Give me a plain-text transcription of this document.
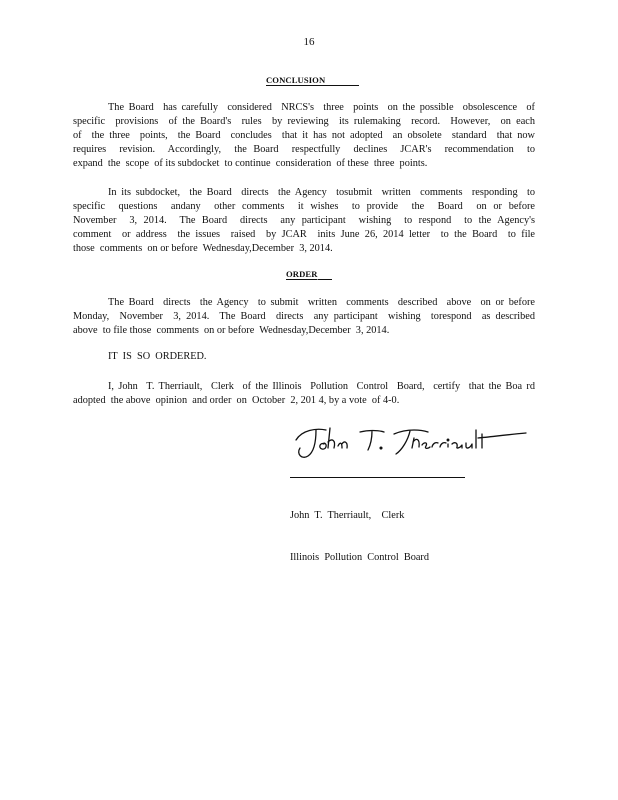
16
CONCLUSION
The Board  has carefully  considered  NRCS's  three  points  on the possible  obsolescence  of
specific  provisions  of the Board's  rules  by reviewing  its rulemaking  record.  However,  on each
of  the three  points,  the Board  concludes  that it has not adopted  an obsolete  standard  that now
requires  revision.  Accordingly,  the Board  respectfully  declines  JCAR's  recommendation  to
expand  the  scope  of its subdocket  to continue  consideration  of these  three  points.
In its subdocket,  the Board  directs  the Agency  tosubmit  written  comments  responding  to
specific  questions  andany  other comments  it wishes  to provide  the  Board  on or before
November  3, 2014.  The Board  directs  any participant  wishing  to respond  to the Agency's
comment  or address  the issues  raised  by JCAR  inits June 26, 2014 letter  to the Board  to file
those  comments  on or before  Wednesday,December  3, 2014.
ORDER
The Board  directs  the Agency  to submit  written  comments  described  above  on or before
Monday,  November  3, 2014.  The Board  directs  any participant  wishing  torespond  as described
above  to file those  comments  on or before  Wednesday,December  3, 2014.
IT  IS  SO  ORDERED.
I, John  T. Therriault,  Clerk  of the Illinois  Pollution  Control  Board,  certify  that the Boa rd
adopted  the above  opinion  and order  on  October  2, 201 4, by a vote  of 4-0.

John  T.  Therriault,    Clerk

Illinois  Pollution  Control  Board
